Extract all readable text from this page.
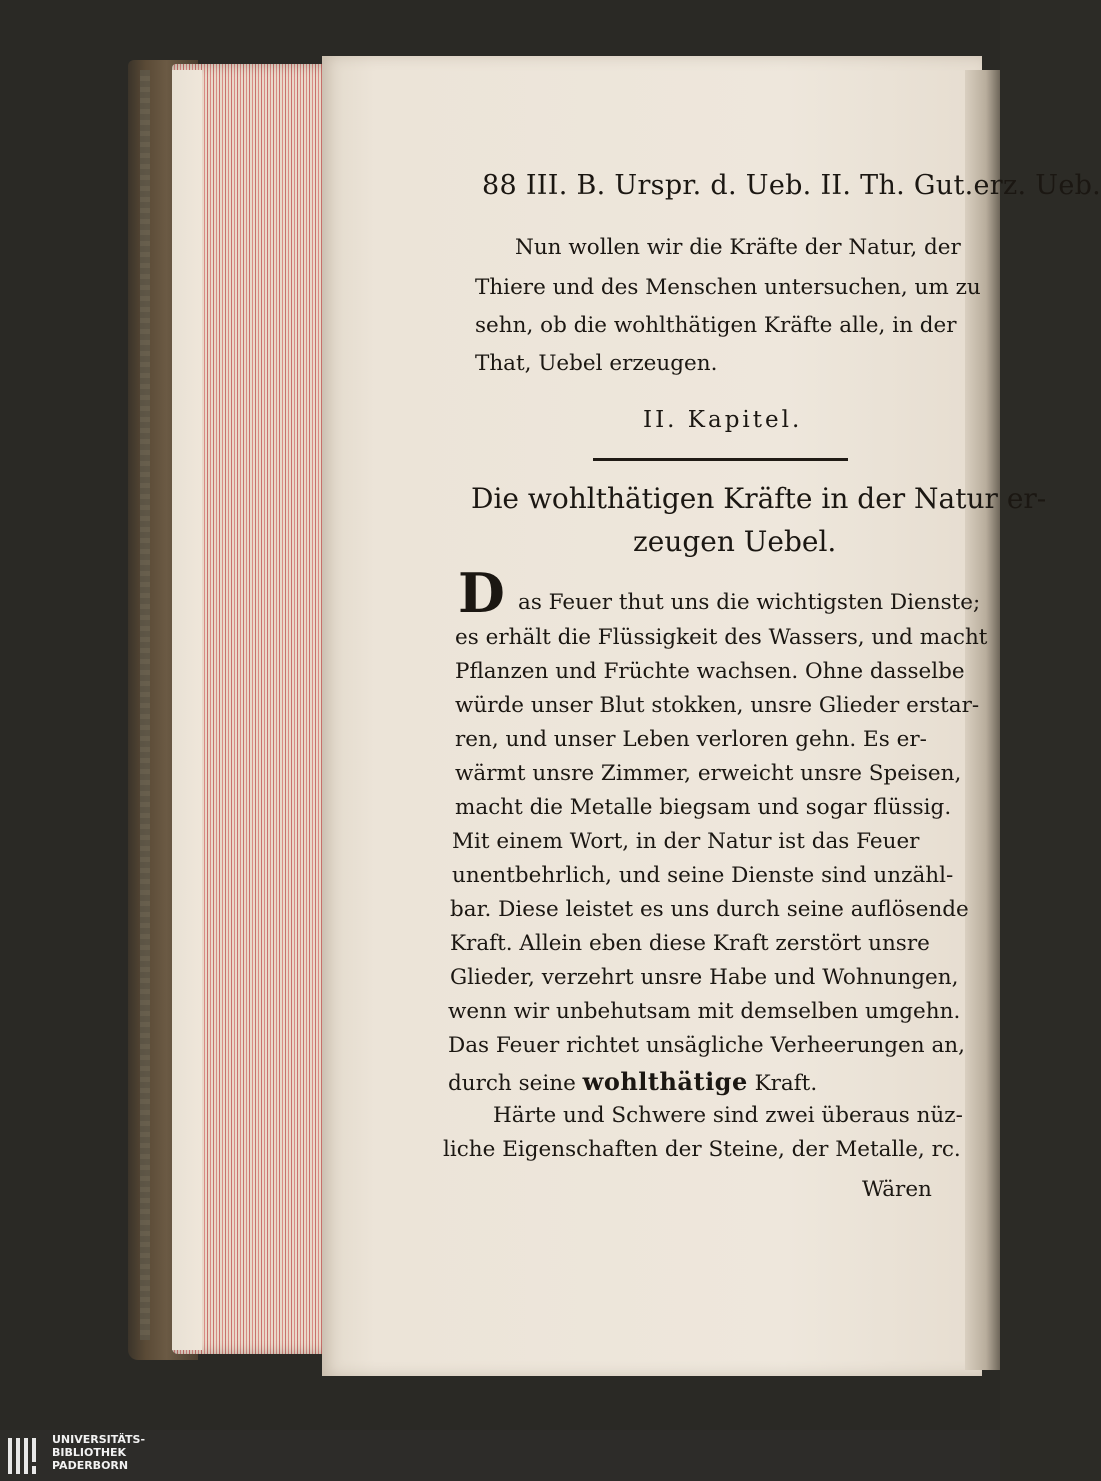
88 III. B. Urspr. d. Ueb. II. Th. Gut.erz. Ueb.
Nun wollen wir die Kräfte der Natur, der
Thiere und des Menschen untersuchen, um zu
sehn, ob die wohlthätigen Kräfte alle, in der
That, Uebel erzeugen.
II. Kapitel.
Die wohlthätigen Kräfte in der Natur er-
zeugen Uebel.
D as Feuer thut uns die wichtigsten Dienste;
es erhält die Flüssigkeit des Wassers, und macht
Pflanzen und Früchte wachsen. Ohne dasselbe
würde unser Blut stokken, unsre Glieder erstar-
ren, und unser Leben verloren gehn. Es er-
wärmt unsre Zimmer, erweicht unsre Speisen,
macht die Metalle biegsam und sogar flüssig.
Mit einem Wort, in der Natur ist das Feuer
unentbehrlich, und seine Dienste sind unzähl-
bar. Diese leistet es uns durch seine auflösende
Kraft. Allein eben diese Kraft zerstört unsre
Glieder, verzehrt unsre Habe und Wohnungen,
wenn wir unbehutsam mit demselben umgehn.
Das Feuer richtet unsägliche Verheerungen an,
durch seine wohlthätige Kraft.
Härte und Schwere sind zwei überaus nüz-
liche Eigenschaften der Steine, der Metalle, rc.
Wären
UNIVERSITÄTS-
BIBLIOTHEK
PADERBORN
